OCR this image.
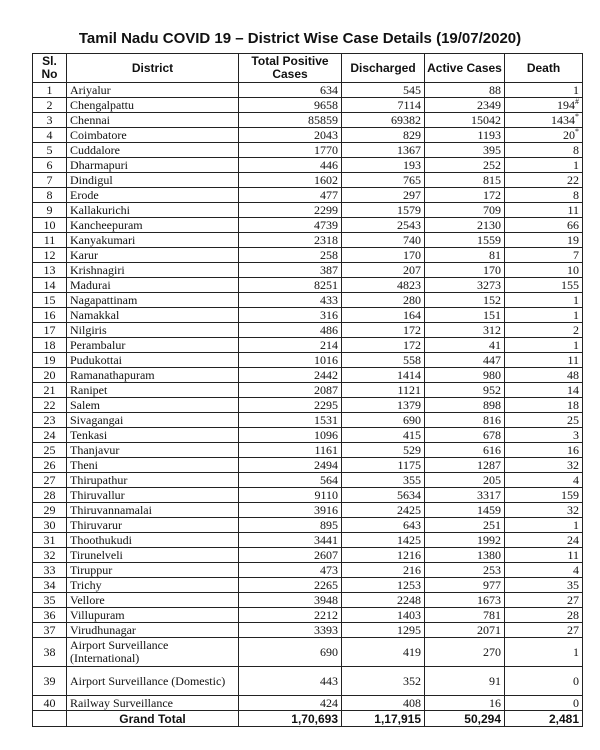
Tamil Nadu COVID 19 – District Wise Case Details (19/07/2020)
Sl. No	District	Total Positive Cases	Discharged	Active Cases	Death
1	Ariyalur	634	545	88	1
2	Chengalpattu	9658	7114	2349	194#
3	Chennai	85859	69382	15042	1434*
4	Coimbatore	2043	829	1193	20*
5	Cuddalore	1770	1367	395	8
6	Dharmapuri	446	193	252	1
7	Dindigul	1602	765	815	22
8	Erode	477	297	172	8
9	Kallakurichi	2299	1579	709	11
10	Kancheepuram	4739	2543	2130	66
11	Kanyakumari	2318	740	1559	19
12	Karur	258	170	81	7
13	Krishnagiri	387	207	170	10
14	Madurai	8251	4823	3273	155
15	Nagapattinam	433	280	152	1
16	Namakkal	316	164	151	1
17	Nilgiris	486	172	312	2
18	Perambalur	214	172	41	1
19	Pudukottai	1016	558	447	11
20	Ramanathapuram	2442	1414	980	48
21	Ranipet	2087	1121	952	14
22	Salem	2295	1379	898	18
23	Sivagangai	1531	690	816	25
24	Tenkasi	1096	415	678	3
25	Thanjavur	1161	529	616	16
26	Theni	2494	1175	1287	32
27	Thirupathur	564	355	205	4
28	Thiruvallur	9110	5634	3317	159
29	Thiruvannamalai	3916	2425	1459	32
30	Thiruvarur	895	643	251	1
31	Thoothukudi	3441	1425	1992	24
32	Tirunelveli	2607	1216	1380	11
33	Tiruppur	473	216	253	4
34	Trichy	2265	1253	977	35
35	Vellore	3948	2248	1673	27
36	Villupuram	2212	1403	781	28
37	Virudhunagar	3393	1295	2071	27
38	Airport Surveillance (International)	690	419	270	1
39	Airport Surveillance (Domestic)	443	352	91	0
40	Railway Surveillance	424	408	16	0
	Grand Total	1,70,693	1,17,915	50,294	2,481
